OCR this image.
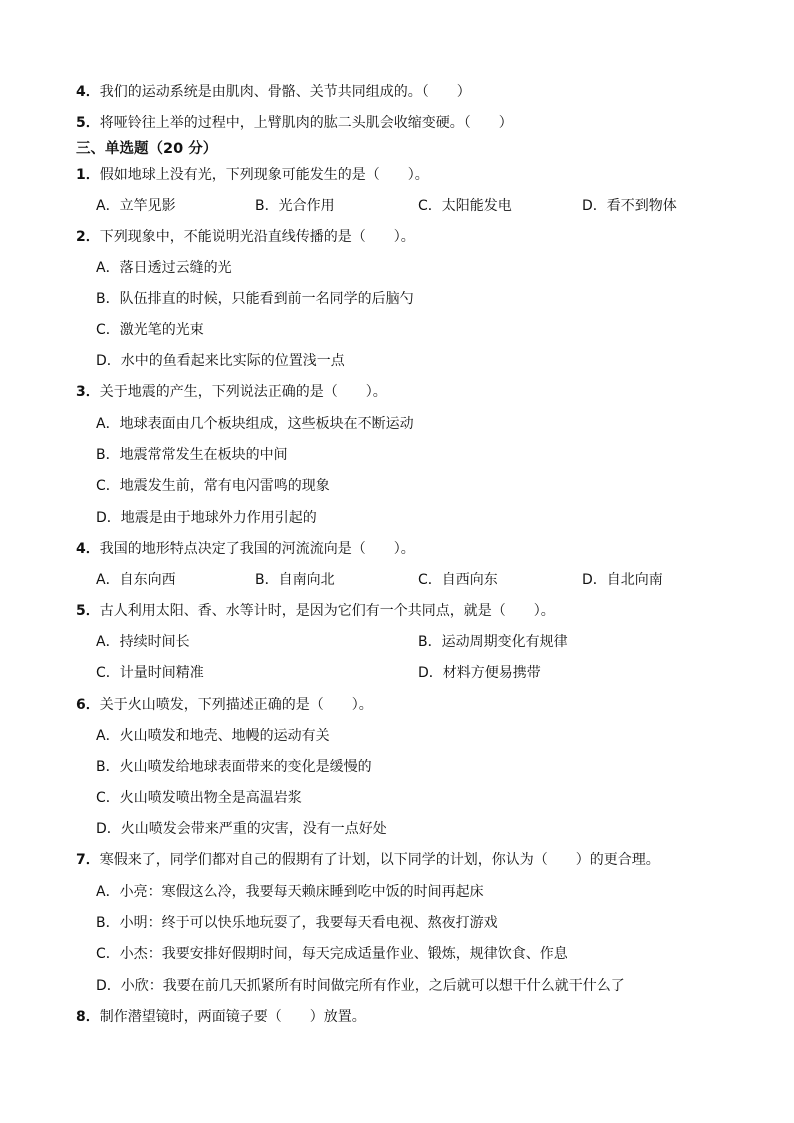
4．我们的运动系统是由肌肉、骨骼、关节共同组成的。（　　）
5．将哑铃往上举的过程中，上臂肌肉的肱二头肌会收缩变硬。（　　）
三、单选题（20 分）
1．假如地球上没有光，下列现象可能发生的是（　　）。
A．立竿见影	B．光合作用	C．太阳能发电	D．看不到物体
2．下列现象中，不能说明光沿直线传播的是（　　）。
A．落日透过云缝的光
B．队伍排直的时候，只能看到前一名同学的后脑勺
C．激光笔的光束
D．水中的鱼看起来比实际的位置浅一点
3．关于地震的产生，下列说法正确的是（　　）。
A．地球表面由几个板块组成，这些板块在不断运动
B．地震常常发生在板块的中间
C．地震发生前，常有电闪雷鸣的现象
D．地震是由于地球外力作用引起的
4．我国的地形特点决定了我国的河流流向是（　　）。
A．自东向西	B．自南向北	C．自西向东	D．自北向南
5．古人利用太阳、香、水等计时，是因为它们有一个共同点，就是（　　）。
A．持续时间长	B．运动周期变化有规律
C．计量时间精准	D．材料方便易携带
6．关于火山喷发，下列描述正确的是（　　）。
A．火山喷发和地壳、地幔的运动有关
B．火山喷发给地球表面带来的变化是缓慢的
C．火山喷发喷出物全是高温岩浆
D．火山喷发会带来严重的灾害，没有一点好处
7．寒假来了，同学们都对自己的假期有了计划，以下同学的计划，你认为（　　）的更合理。
A．小亮：寒假这么冷，我要每天赖床睡到吃中饭的时间再起床
B．小明：终于可以快乐地玩耍了，我要每天看电视、熬夜打游戏
C．小杰：我要安排好假期时间，每天完成适量作业、锻炼，规律饮食、作息
D．小欣：我要在前几天抓紧所有时间做完所有作业，之后就可以想干什么就干什么了
8．制作潜望镜时，两面镜子要（　　）放置。
